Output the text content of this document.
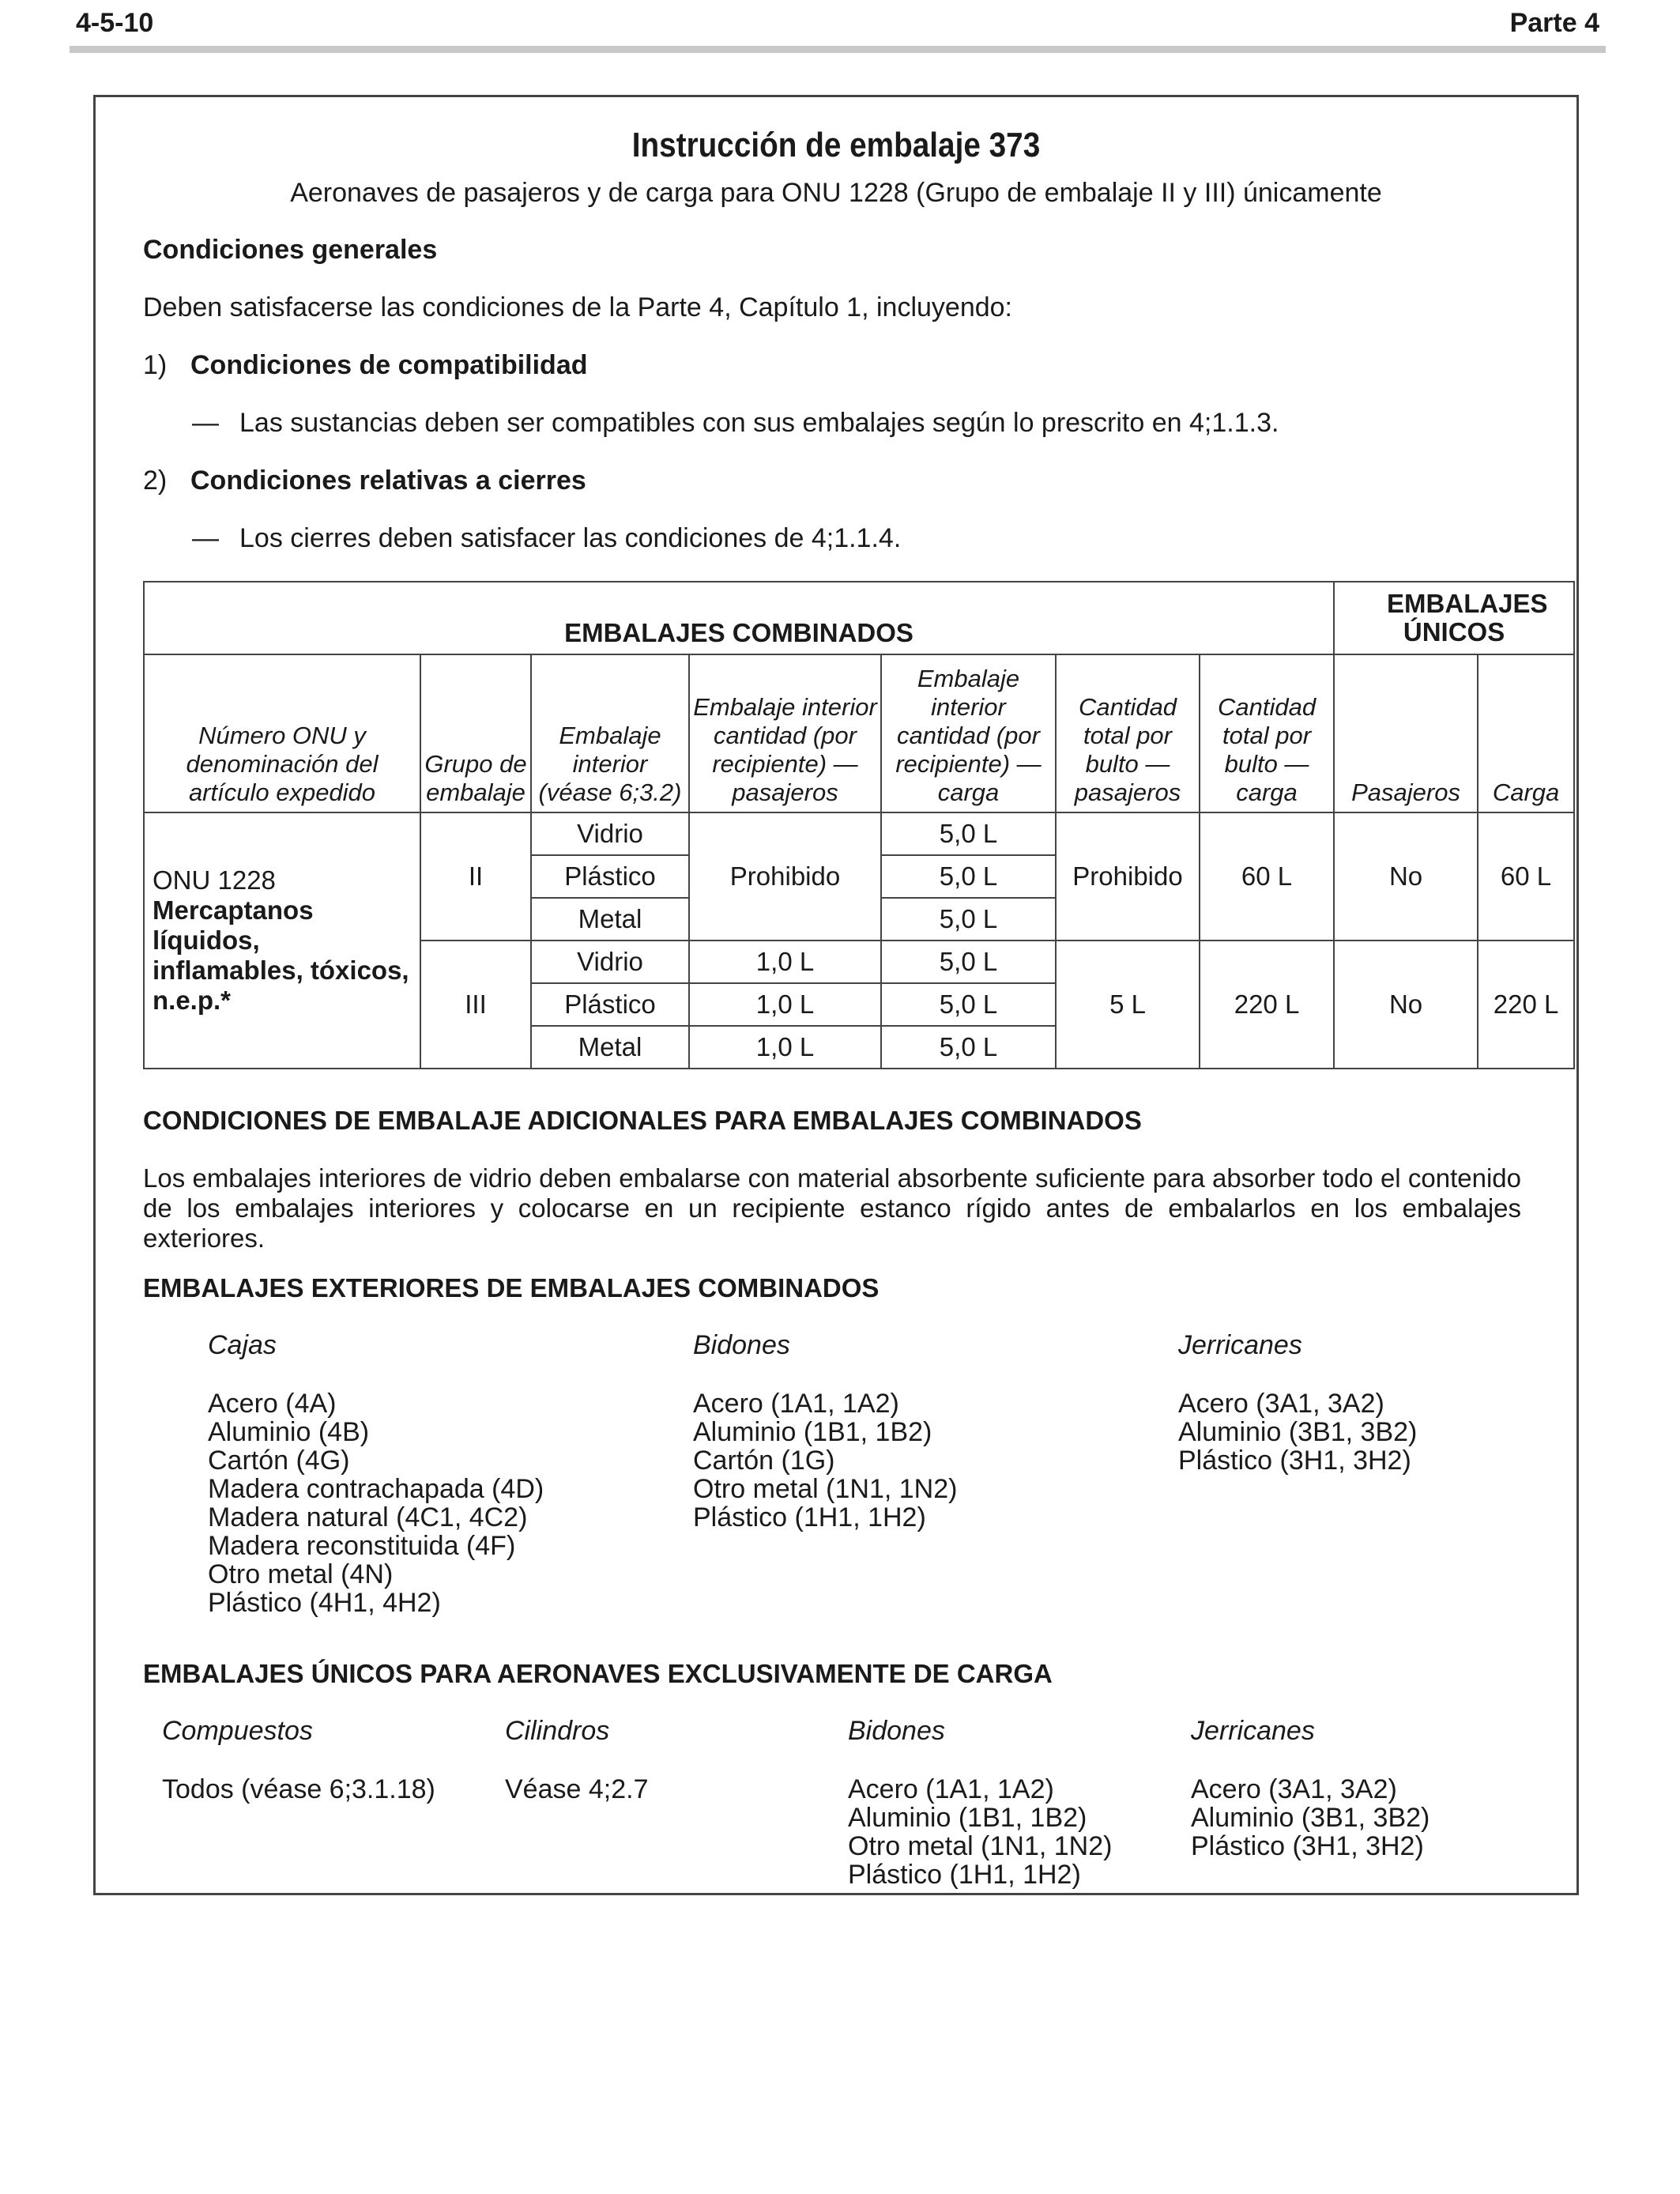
4-5-10	Parte 4
Instrucción de embalaje 373
Aeronaves de pasajeros y de carga para ONU 1228 (Grupo de embalaje II y III) únicamente
Condiciones generales
Deben satisfacerse las condiciones de la Parte 4, Capítulo 1, incluyendo:
1) Condiciones de compatibilidad
— Las sustancias deben ser compatibles con sus embalajes según lo prescrito en 4;1.1.3.
2) Condiciones relativas a cierres
— Los cierres deben satisfacer las condiciones de 4;1.1.4.
EMBALAJES COMBINADOS							EMBALAJES ÚNICOS	

Número ONU y denominación del artículo expedido	Grupo de embalaje	Embalaje interior (véase 6;3.2)	Embalaje interior cantidad (por recipiente) — pasajeros	Embalaje interior cantidad (por recipiente) — carga	Cantidad total por bulto — pasajeros	Cantidad total por bulto — carga	Pasajeros	Carga

ONU 1228
Mercaptanos líquidos, inflamables, tóxicos, n.e.p.*	II	Vidrio	Prohibido	5,0 L	Prohibido	60 L	No	60 L
		Plástico		5,0 L				
		Metal		5,0 L				
	III	Vidrio	1,0 L	5,0 L	5 L	220 L	No	220 L
		Plástico	1,0 L	5,0 L				
		Metal	1,0 L	5,0 L				
CONDICIONES DE EMBALAJE ADICIONALES PARA EMBALAJES COMBINADOS
Los embalajes interiores de vidrio deben embalarse con material absorbente suficiente para absorber todo el contenido de los embalajes interiores y colocarse en un recipiente estanco rígido antes de embalarlos en los embalajes exteriores.
EMBALAJES EXTERIORES DE EMBALAJES COMBINADOS
Cajas
Acero (4A)
Aluminio (4B)
Cartón (4G)
Madera contrachapada (4D)
Madera natural (4C1, 4C2)
Madera reconstituida (4F)
Otro metal (4N)
Plástico (4H1, 4H2)
Bidones
Acero (1A1, 1A2)
Aluminio (1B1, 1B2)
Cartón (1G)
Otro metal (1N1, 1N2)
Plástico (1H1, 1H2)
Jerricanes
Acero (3A1, 3A2)
Aluminio (3B1, 3B2)
Plástico (3H1, 3H2)
EMBALAJES ÚNICOS PARA AERONAVES EXCLUSIVAMENTE DE CARGA
Compuestos
Todos (véase 6;3.1.18)
Cilindros
Véase 4;2.7
Bidones
Acero (1A1, 1A2)
Aluminio (1B1, 1B2)
Otro metal (1N1, 1N2)
Plástico (1H1, 1H2)
Jerricanes
Acero (3A1, 3A2)
Aluminio (3B1, 3B2)
Plástico (3H1, 3H2)
